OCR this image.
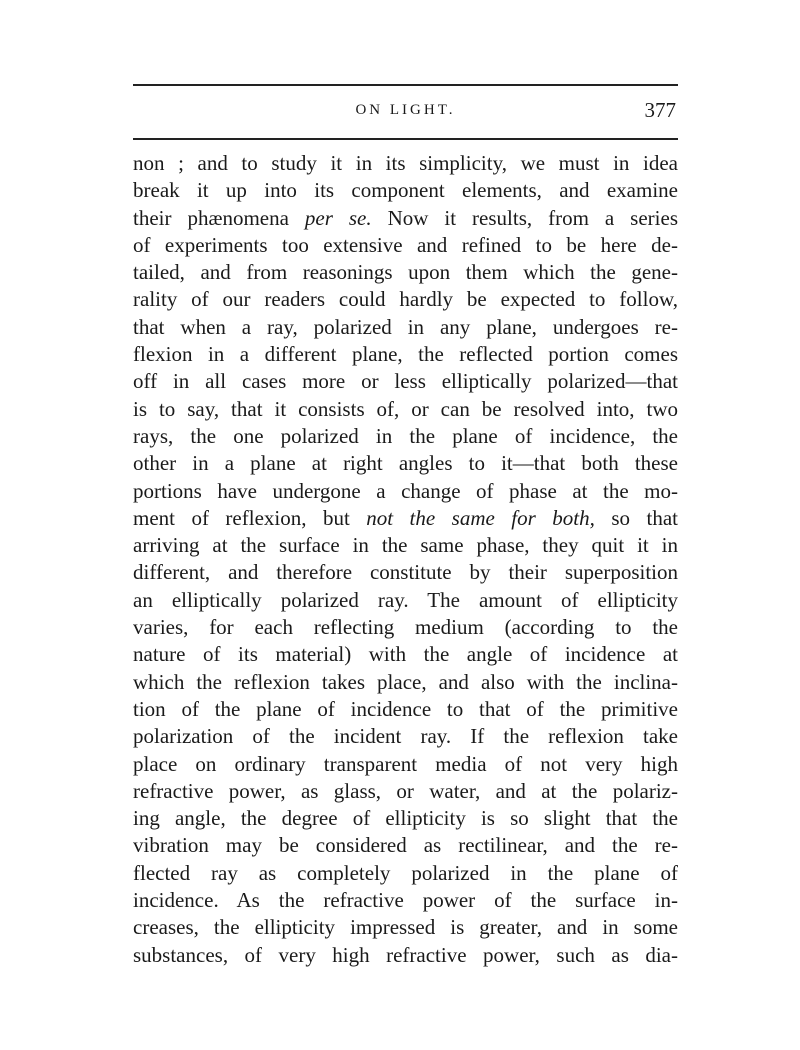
ON LIGHT.	377
non ; and to study it in its simplicity, we must in idea
break it up into its component elements, and examine
their phænomena per se. Now it results, from a series
of experiments too extensive and refined to be here de-
tailed, and from reasonings upon them which the gene-
rality of our readers could hardly be expected to follow,
that when a ray, polarized in any plane, undergoes re-
flexion in a different plane, the reflected portion comes
off in all cases more or less elliptically polarized—that
is to say, that it consists of, or can be resolved into, two
rays, the one polarized in the plane of incidence, the
other in a plane at right angles to it—that both these
portions have undergone a change of phase at the mo-
ment of reflexion, but not the same for both, so that
arriving at the surface in the same phase, they quit it in
different, and therefore constitute by their superposition
an elliptically polarized ray. The amount of ellipticity
varies, for each reflecting medium (according to the
nature of its material) with the angle of incidence at
which the reflexion takes place, and also with the inclina-
tion of the plane of incidence to that of the primitive
polarization of the incident ray. If the reflexion take
place on ordinary transparent media of not very high
refractive power, as glass, or water, and at the polariz-
ing angle, the degree of ellipticity is so slight that the
vibration may be considered as rectilinear, and the re-
flected ray as completely polarized in the plane of
incidence. As the refractive power of the surface in-
creases, the ellipticity impressed is greater, and in some
substances, of very high refractive power, such as dia-
